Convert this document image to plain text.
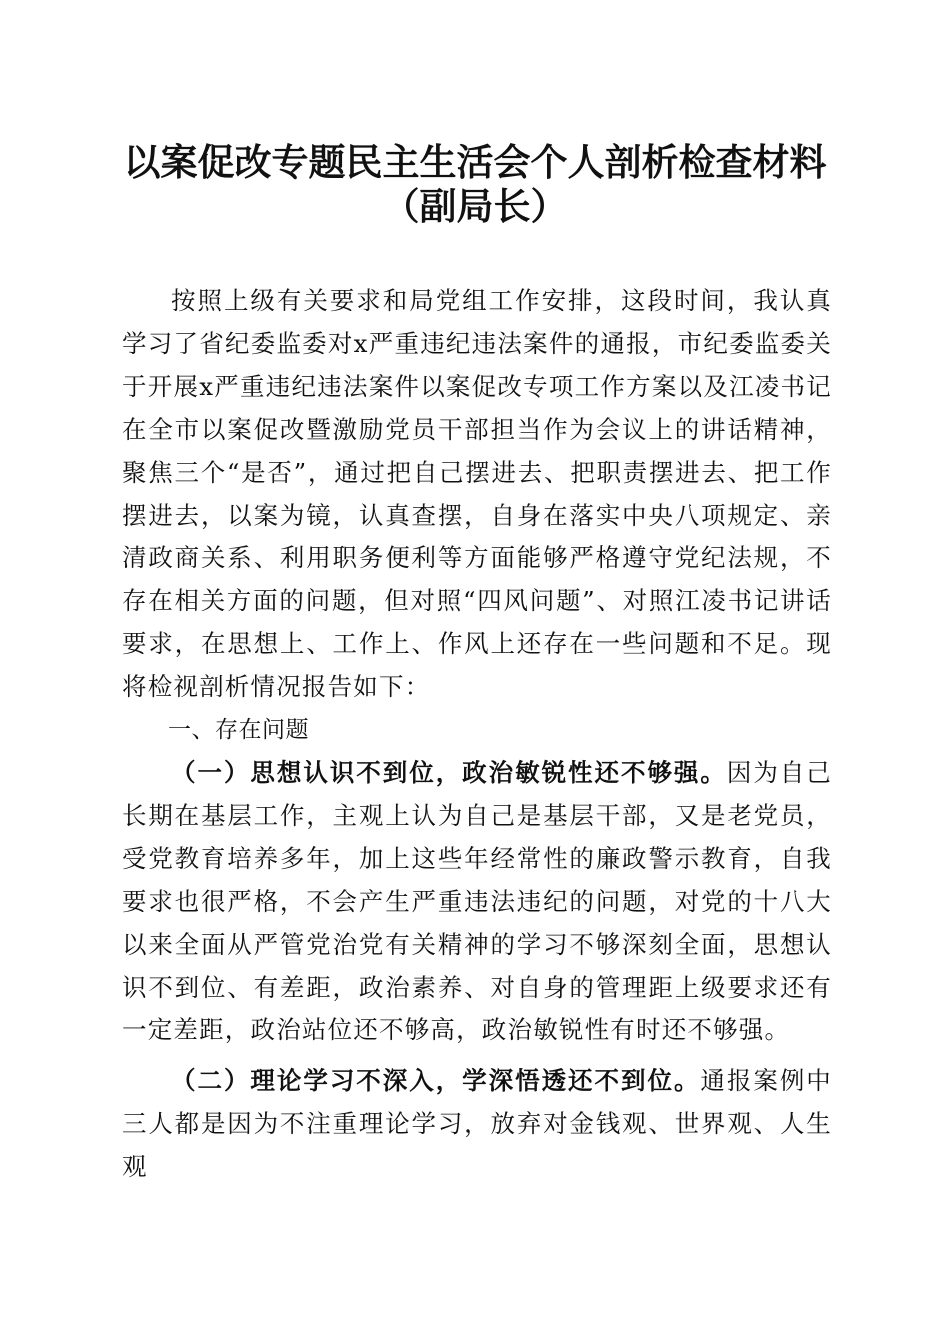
以案促改专题民主生活会个人剖析检查材料
（副局长）

按照上级有关要求和局党组工作安排，这段时间，我认真学习了省纪委监委对x严重违纪违法案件的通报，市纪委监委关于开展x严重违纪违法案件以案促改专项工作方案以及江凌书记在全市以案促改暨激励党员干部担当作为会议上的讲话精神，聚焦三个“是否”，通过把自己摆进去、把职责摆进去、把工作摆进去，以案为镜，认真查摆，自身在落实中央八项规定、亲清政商关系、利用职务便利等方面能够严格遵守党纪法规，不存在相关方面的问题，但对照“四风问题”、对照江凌书记讲话要求，在思想上、工作上、作风上还存在一些问题和不足。现将检视剖析情况报告如下：

一、存在问题

（一）思想认识不到位，政治敏锐性还不够强。因为自己长期在基层工作，主观上认为自己是基层干部，又是老党员，受党教育培养多年，加上这些年经常性的廉政警示教育，自我要求也很严格，不会产生严重违法违纪的问题，对党的十八大以来全面从严管党治党有关精神的学习不够深刻全面，思想认识不到位、有差距，政治素养、对自身的管理距上级要求还有一定差距，政治站位还不够高，政治敏锐性有时还不够强。

（二）理论学习不深入，学深悟透还不到位。通报案例中三人都是因为不注重理论学习，放弃对金钱观、世界观、人生观
